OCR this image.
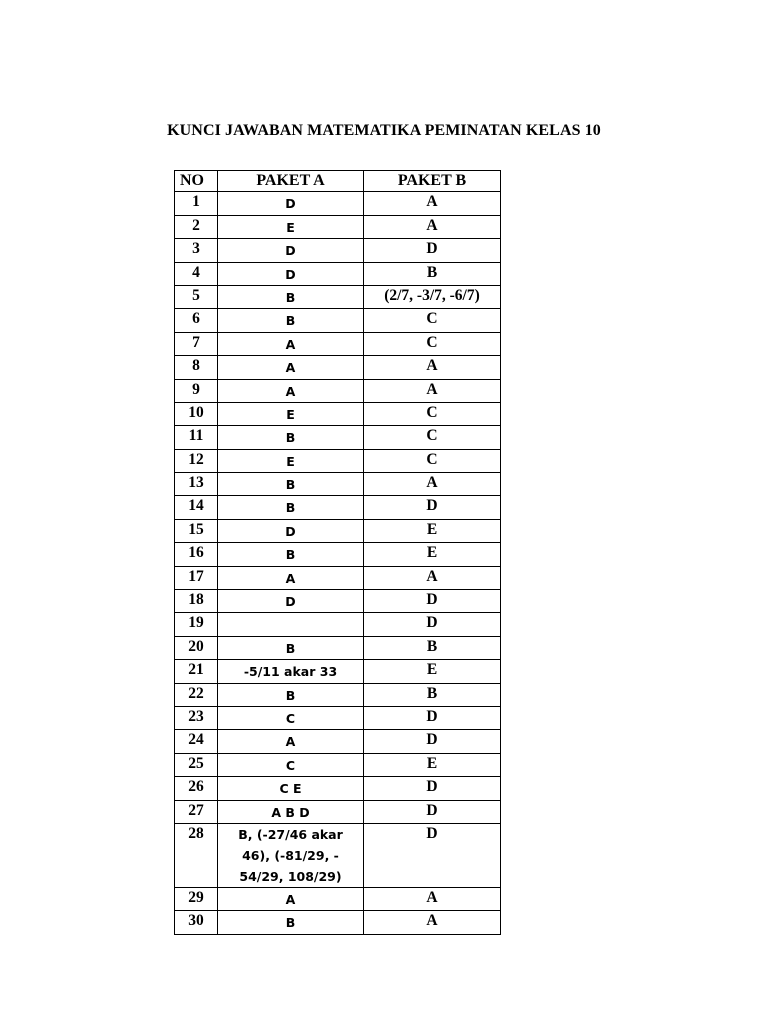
KUNCI JAWABAN MATEMATIKA PEMINATAN KELAS 10
NO	PAKET A	PAKET B
1	D	A
2	E	A
3	D	D
4	D	B
5	B	(2/7, -3/7, -6/7)
6	B	C
7	A	C
8	A	A
9	A	A
10	E	C
11	B	C
12	E	C
13	B	A
14	B	D
15	D	E
16	B	E
17	A	A
18	D	D
19		D
20	B	B
21	-5/11 akar 33	E
22	B	B
23	C	D
24	A	D
25	C	E
26	C E	D
27	A B D	D
28	B, (-27/46 akar
46), (-81/29, -
54/29, 108/29)	D
29	A	A
30	B	A
